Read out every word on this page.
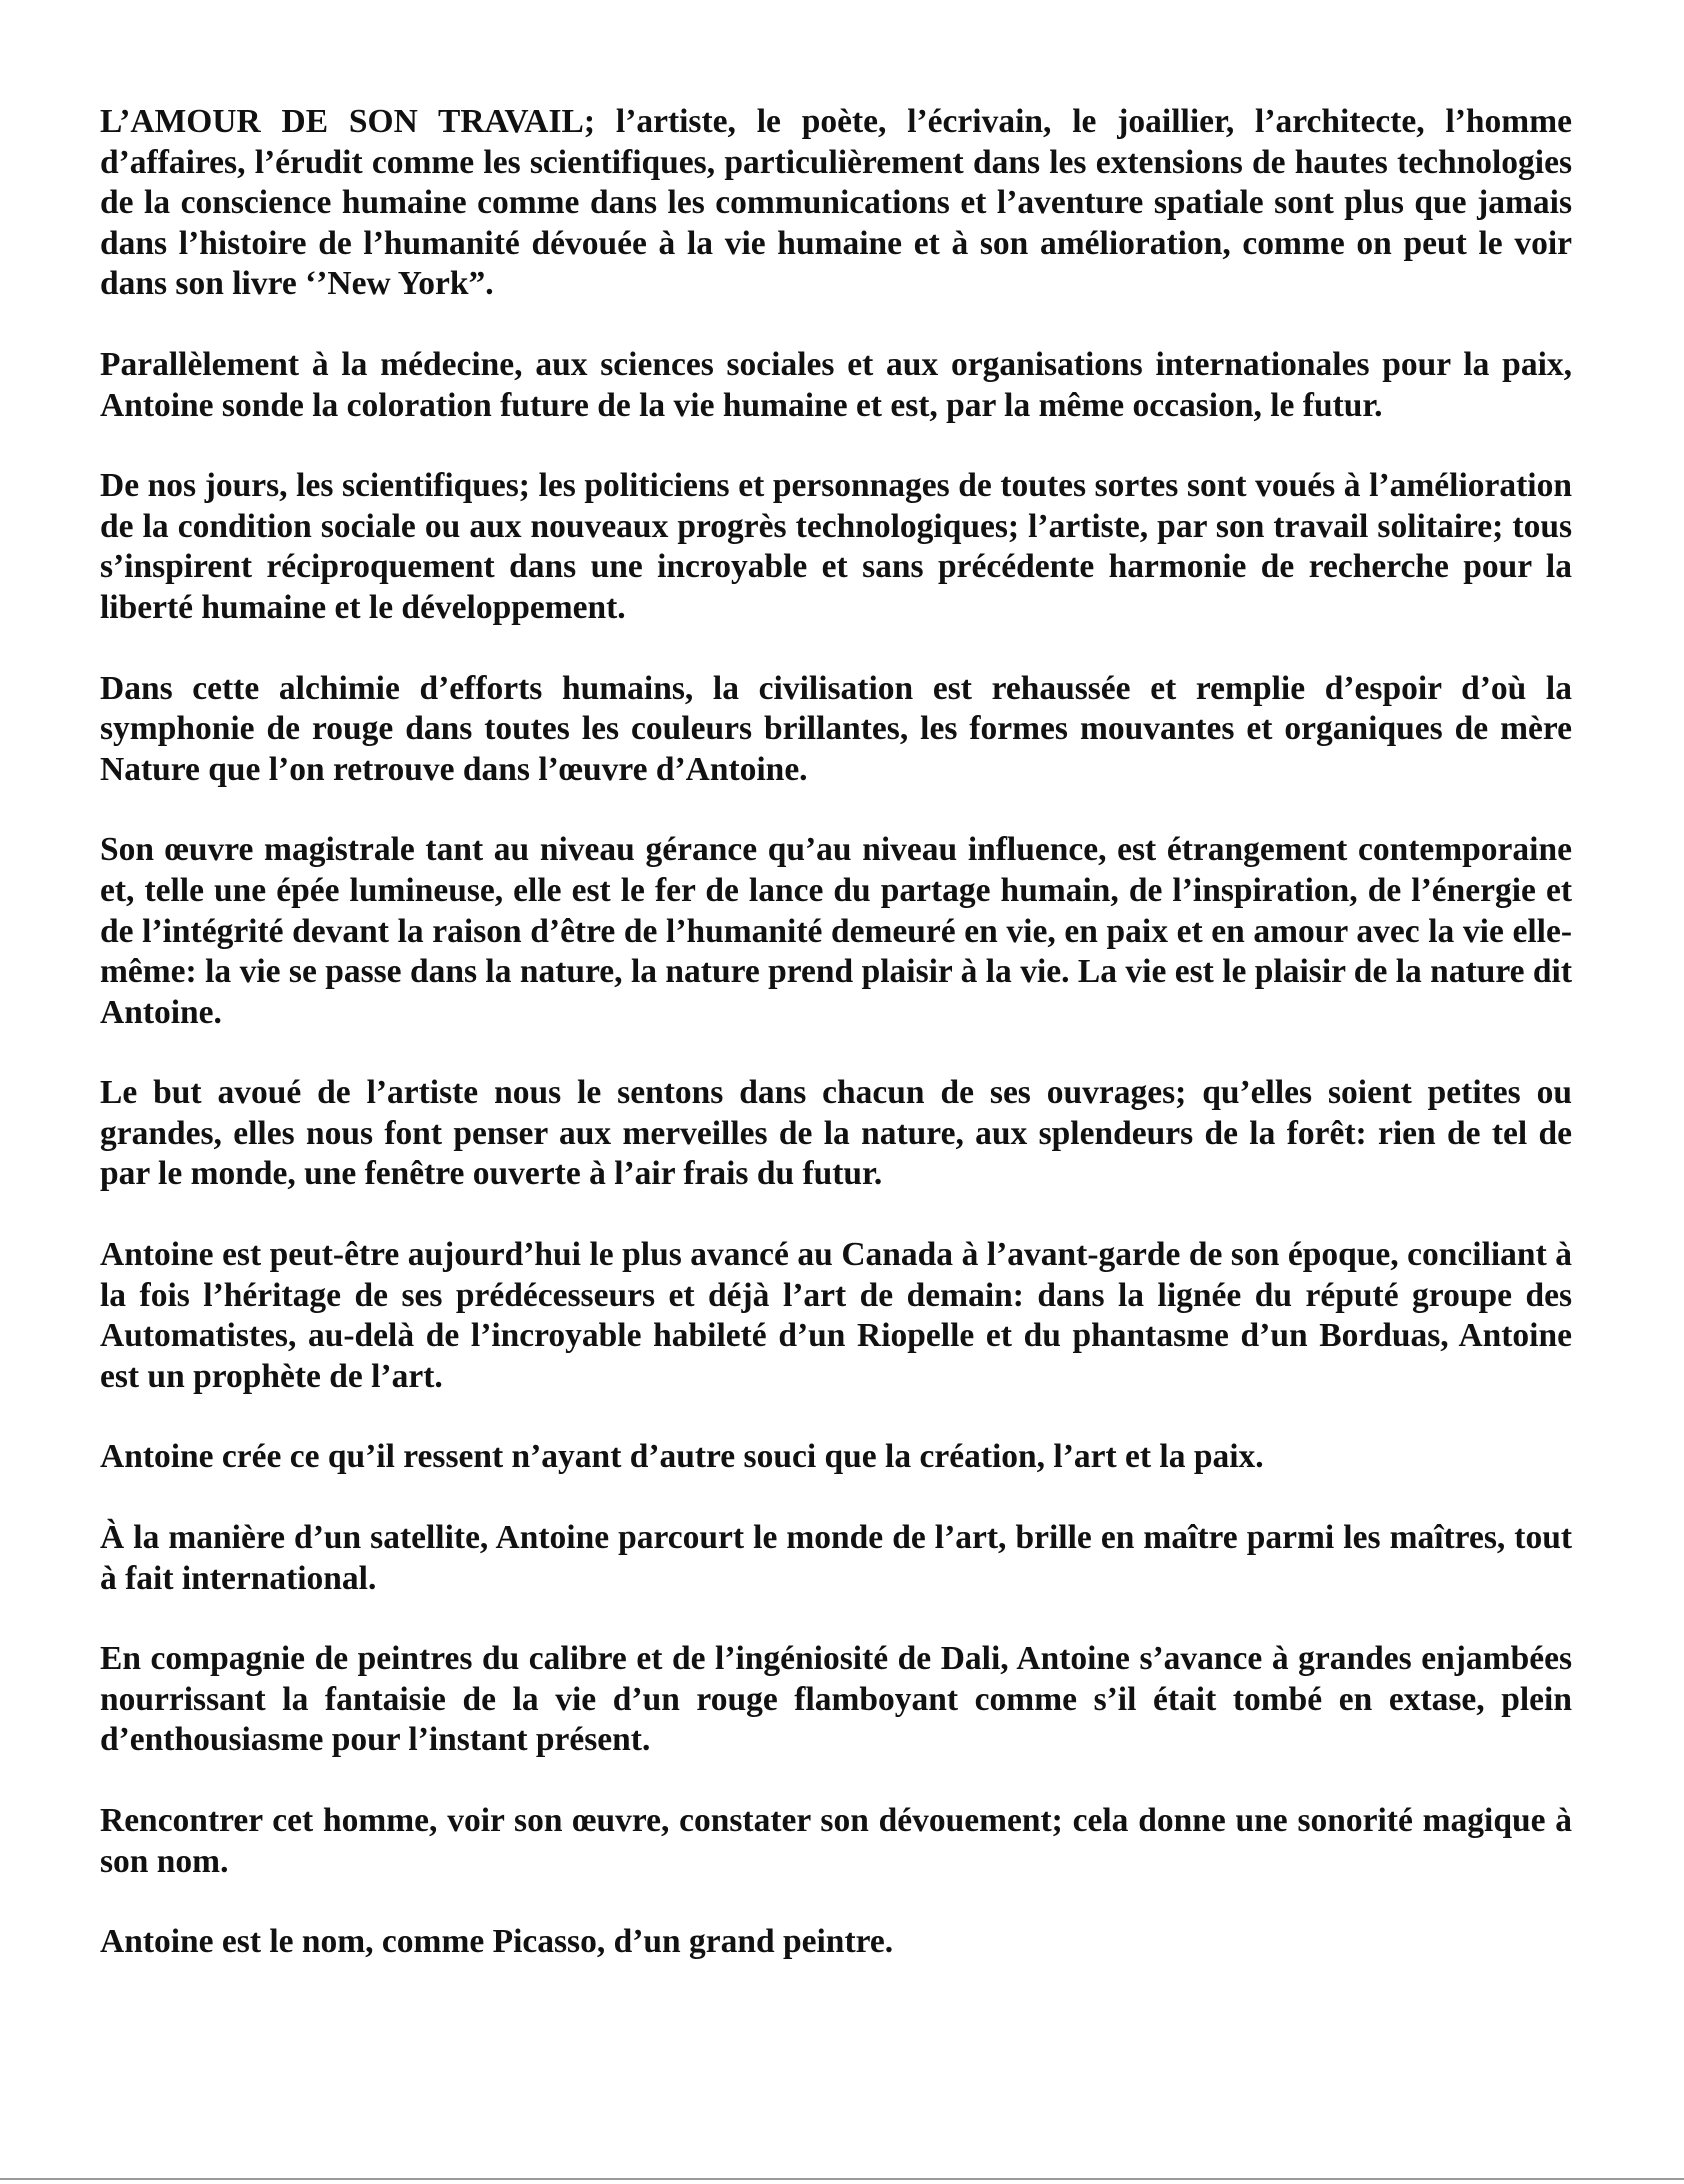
L’AMOUR DE SON TRAVAIL; l’artiste, le poète, l’écrivain, le joaillier, l’architecte, l’homme d’affaires, l’érudit comme les scientifiques, particulièrement dans les extensions de hautes technologies de la conscience humaine comme dans les communications et l’aventure spatiale sont plus que jamais dans l’histoire de l’humanité dévouée à la vie humaine et à son amélioration, comme on peut le voir dans son livre ‘’New York”.

Parallèlement à la médecine, aux sciences sociales et aux organisations internationales pour la paix, Antoine sonde la coloration future de la vie humaine et est, par la même occasion, le futur.

De nos jours, les scientifiques; les politiciens et personnages de toutes sortes sont voués à l’amélioration de la condition sociale ou aux nouveaux progrès technologiques; l’artiste, par son travail solitaire; tous s’inspirent réciproquement dans une incroyable et sans précédente harmonie de recherche pour la liberté humaine et le développement.

Dans cette alchimie d’efforts humains, la civilisation est rehaussée et remplie d’espoir d’où la symphonie de rouge dans toutes les couleurs brillantes, les formes mouvantes et organiques de mère Nature que l’on retrouve dans l’œuvre d’Antoine.

Son œuvre magistrale tant au niveau gérance qu’au niveau influence, est étrangement contemporaine et, telle une épée lumineuse, elle est le fer de lance du partage humain, de l’inspiration, de l’énergie et de l’intégrité devant la raison d’être de l’humanité demeuré en vie, en paix et en amour avec la vie elle-même: la vie se passe dans la nature, la nature prend plaisir à la vie. La vie est le plaisir de la nature dit Antoine.

Le but avoué de l’artiste nous le sentons dans chacun de ses ouvrages; qu’elles soient petites ou grandes, elles nous font penser aux merveilles de la nature, aux splendeurs de la forêt: rien de tel de par le monde, une fenêtre ouverte à l’air frais du futur.

Antoine est peut-être aujourd’hui le plus avancé au Canada à l’avant-garde de son époque, conciliant à la fois l’héritage de ses prédécesseurs et déjà l’art de demain: dans la lignée du réputé groupe des Automatistes, au-delà de l’incroyable habileté d’un Riopelle et du phantasme d’un Borduas, Antoine est un prophète de l’art.

Antoine crée ce qu’il ressent n’ayant d’autre souci que la création, l’art et la paix.

À la manière d’un satellite, Antoine parcourt le monde de l’art, brille en maître parmi les maîtres, tout à fait international.

En compagnie de peintres du calibre et de l’ingéniosité de Dali, Antoine s’avance à grandes enjambées nourrissant la fantaisie de la vie d’un rouge flamboyant comme s’il était tombé en extase, plein d’enthousiasme pour l’instant présent.

Rencontrer cet homme, voir son œuvre, constater son dévouement; cela donne une sonorité magique à son nom.

Antoine est le nom, comme Picasso, d’un grand peintre.
